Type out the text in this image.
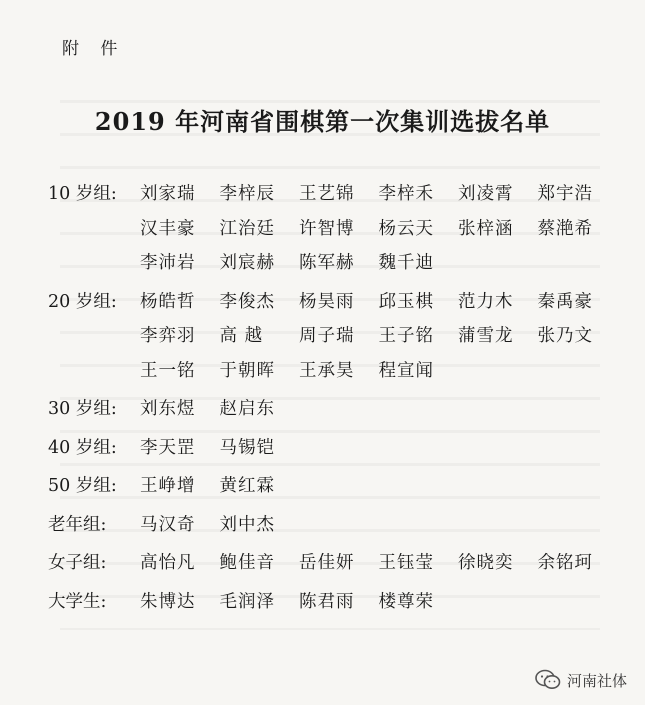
附 件
2019 年河南省围棋第一次集训选拔名单
10 岁组:	刘家瑞 李梓辰 王艺锦 李梓禾 刘凌霄 郑宇浩
汉丰豪 江治廷 许智博 杨云天 张梓涵 蔡滟希
李沛岩 刘宸赫 陈军赫 魏千迪
20 岁组:	杨皓哲 李俊杰 杨昊雨 邱玉棋 范力木 秦禹豪
李弈羽 高 越 周子瑞 王子铭 蒲雪龙 张乃文
王一铭 于朝晖 王承昊 程宣闻
30 岁组:	刘东煜 赵启东
40 岁组:	李天罡 马锡铠
50 岁组:	王峥增 黄红霖
老年组:	马汉奇 刘中杰
女子组:	高怡凡 鲍佳音 岳佳妍 王钰莹 徐晓奕 余铭珂
大学生:	朱博达 毛润泽 陈君雨 楼尊荣
河南社体
